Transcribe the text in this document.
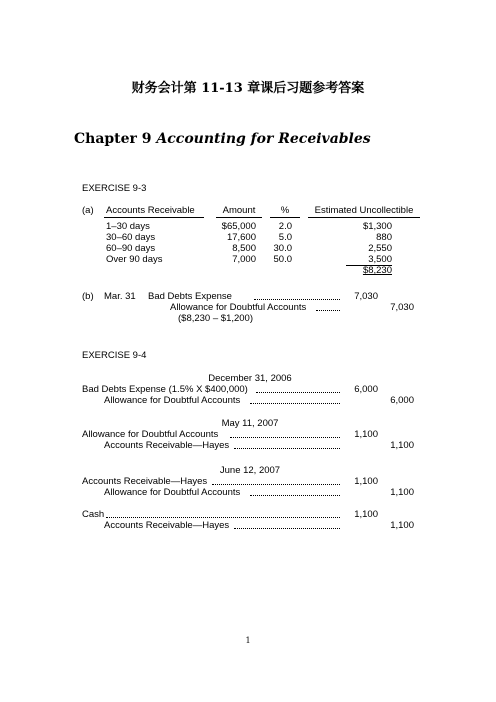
财务会计第 11-13 章课后习题参考答案
Chapter 9 Accounting for Receivables
EXERCISE 9-3
(a) Accounts Receivable	Amount	%	Estimated Uncollectible
1–30 days	$65,000	2.0	$1,300
30–60 days	17,600	5.0	880
60–90 days	8,500	30.0	2,550
Over 90 days	7,000	50.0	3,500
$8,230
(b) Mar. 31 Bad Debts Expense	7,030
Allowance for Doubtful Accounts	7,030
($8,230 – $1,200)
EXERCISE 9-4
December 31, 2006
Bad Debts Expense (1.5% X $400,000)	6,000
Allowance for Doubtful Accounts	6,000
May 11, 2007
Allowance for Doubtful Accounts	1,100
Accounts Receivable—Hayes	1,100
June 12, 2007
Accounts Receivable—Hayes	1,100
Allowance for Doubtful Accounts	1,100
Cash	1,100
Accounts Receivable—Hayes	1,100
1
